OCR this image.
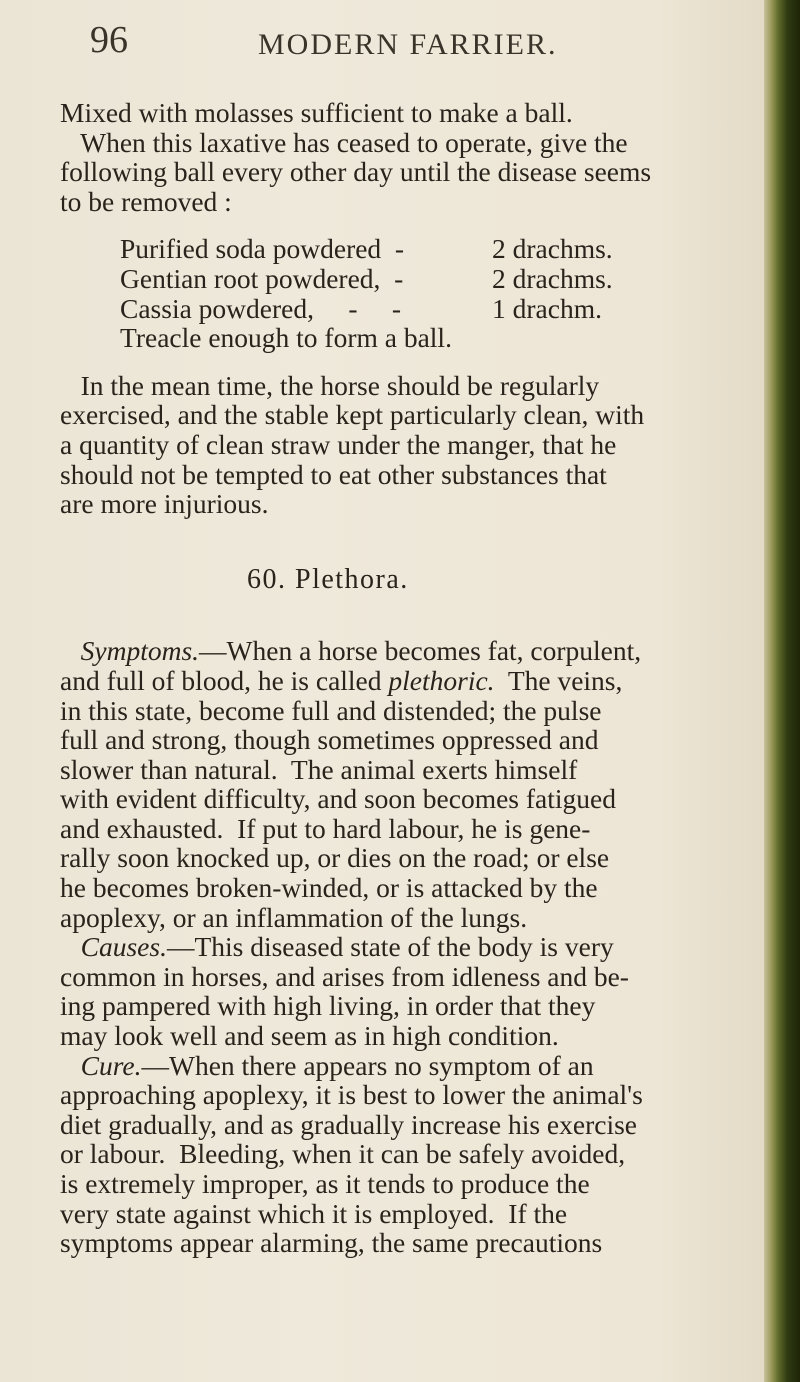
96	MODERN FARRIER.

Mixed with molasses sufficient to make a ball.
When this laxative has ceased to operate, give the
following ball every other day until the disease seems
to be removed :

Purified soda powdered  -	2 drachms.
Gentian root powdered,  -	2 drachms.
Cassia powdered,     -     -	1 drachm.
Treacle enough to form a ball.

In the mean time, the horse should be regularly
exercised, and the stable kept particularly clean, with
a quantity of clean straw under the manger, that he
should not be tempted to eat other substances that
are more injurious.

60. Plethora.

Symptoms.—When a horse becomes fat, corpulent,
and full of blood, he is called plethoric.  The veins,
in this state, become full and distended; the pulse
full and strong, though sometimes oppressed and
slower than natural.  The animal exerts himself
with evident difficulty, and soon becomes fatigued
and exhausted.  If put to hard labour, he is gene-
rally soon knocked up, or dies on the road; or else
he becomes broken-winded, or is attacked by the
apoplexy, or an inflammation of the lungs.
Causes.—This diseased state of the body is very
common in horses, and arises from idleness and be-
ing pampered with high living, in order that they
may look well and seem as in high condition.
Cure.—When there appears no symptom of an
approaching apoplexy, it is best to lower the animal's
diet gradually, and as gradually increase his exercise
or labour.  Bleeding, when it can be safely avoided,
is extremely improper, as it tends to produce the
very state against which it is employed.  If the
symptoms appear alarming, the same precautions
